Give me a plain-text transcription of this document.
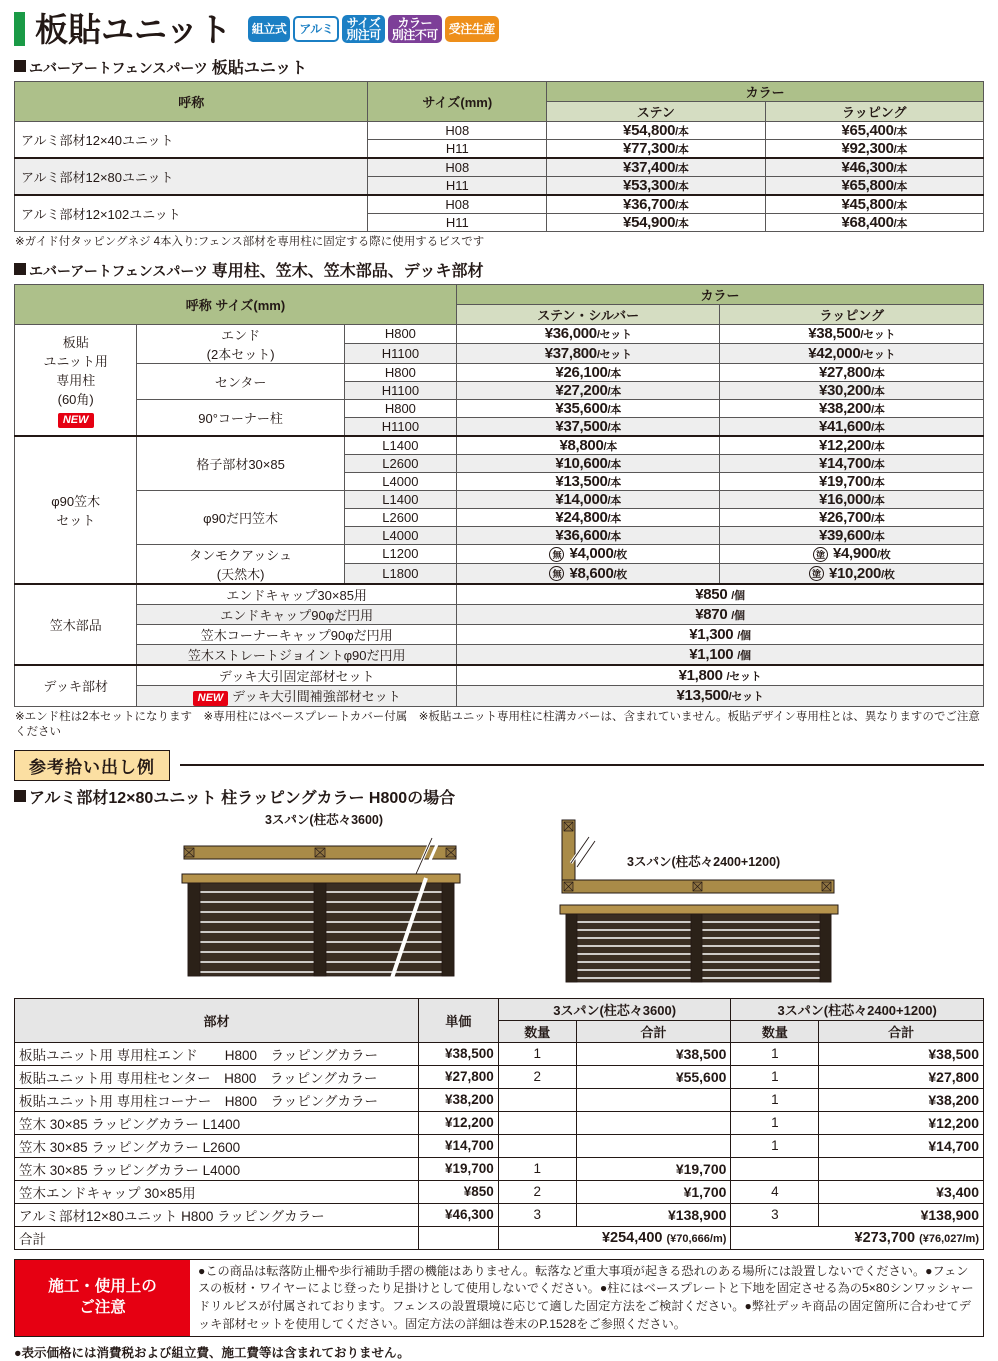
板貼ユニット 組立式 アルミ サイズ
別注可
カラー
別注不可 受注生産
エバーアートフェンスパーツ 板貼ユニット
呼称	サイズ(mm)	カラー	
		ステン	ラッピング
アルミ部材12×40ユニット	H08	¥54,800/本	¥65,400/本
	H11	¥77,300/本	¥92,300/本
アルミ部材12×80ユニット	H08	¥37,400/本	¥46,300/本
	H11	¥53,300/本	¥65,800/本
アルミ部材12×102ユニット	H08	¥36,700/本	¥45,800/本
	H11	¥54,900/本	¥68,400/本
※ガイド付タッピングネジ 4本入り:フェンス部材を専用柱に固定する際に使用するビスです
エバーアートフェンスパーツ 専用柱、笠木、笠木部品、デッキ部材
呼称 サイズ(mm)			カラー	
			ステン・シルバー	ラッピング

板貼
ユニット用
専用柱
(60角)
NEW
	エンド
(2本セット)	H800	¥36,000/セット	¥38,500/セット
		H1100	¥37,800/セット	¥42,000/セット
	センター	H800	¥26,100/本	¥27,800/本
		H1100	¥27,200/本	¥30,200/本
	90°コーナー柱	H800	¥35,600/本	¥38,200/本
		H1100	¥37,500/本	¥41,600/本

φ90笠木
セット	格子部材30×85	L1400	¥8,800/本	¥12,200/本
		L2600	¥10,600/本	¥14,700/本
		L4000	¥13,500/本	¥19,700/本
	φ90だ円笠木	L1400	¥14,000/本	¥16,000/本
		L2600	¥24,800/本	¥26,700/本
		L4000	¥36,600/本	¥39,600/本
	タンモクアッシュ
(天然木)	L1200	無 ¥4,000/枚	塗 ¥4,900/枚
		L1800	無 ¥8,600/枚	塗 ¥10,200/枚
笠木部品	エンドキャップ30×85用		¥850 /個	
	エンドキャップ90φだ円用		¥870 /個	
	笠木コーナーキャップ90φだ円用		¥1,300 /個	
	笠木ストレートジョイントφ90だ円用		¥1,100 /個	
デッキ部材	デッキ大引固定部材セット		¥1,800 /セット	
	NEW デッキ大引間補強部材セット		¥13,500/セット	
※エンド柱は2本セットになります　※専用柱にはベースプレートカバー付属　※板貼ユニット専用柱に柱溝カバーは、含まれていません。板貼デザイン専用柱とは、異なりますのでご注意ください
参考拾い出し例
アルミ部材12×80ユニット 柱ラッピングカラー H800の場合
3スパン(柱芯々3600)
3スパン(柱芯々2400+1200)
部材	単価	3スパン(柱芯々3600)		3スパン(柱芯々2400+1200)	
		数量	合計	数量	合計
板貼ユニット用 専用柱エンド　　H800　ラッピングカラー	¥38,500	1	¥38,500	1	¥38,500
板貼ユニット用 専用柱センター　H800　ラッピングカラー	¥27,800	2	¥55,600	1	¥27,800
板貼ユニット用 専用柱コーナー　H800　ラッピングカラー	¥38,200			1	¥38,200
笠木 30×85 ラッピングカラー L1400	¥12,200			1	¥12,200
笠木 30×85 ラッピングカラー L2600	¥14,700			1	¥14,700
笠木 30×85 ラッピングカラー L4000	¥19,700	1	¥19,700		
笠木エンドキャップ 30×85用	¥850	2	¥1,700	4	¥3,400
アルミ部材12×80ユニット H800 ラッピングカラー	¥46,300	3	¥138,900	3	¥138,900
合計		¥254,400 (¥70,666/m)		¥273,700 (¥76,027/m)	
施工・使用上の
ご注意
●この商品は転落防止柵や歩行補助手摺の機能はありません。転落など重大事項が起きる恐れのある場所には設置しないでください。●フェンスの板材・ワイヤーによじ登ったり足掛けとして使用しないでください。●柱にはベースプレートと下地を固定させる為の5×80シンワッシャードリルビスが付属されております。フェンスの設置環境に応じて適した固定方法をご検討ください。●弊社デッキ商品の固定箇所に合わせてデッキ部材セットを使用してください。固定方法の詳細は巻末のP.1528をご参照ください。
●表示価格には消費税および組立費、施工費等は含まれておりません。
